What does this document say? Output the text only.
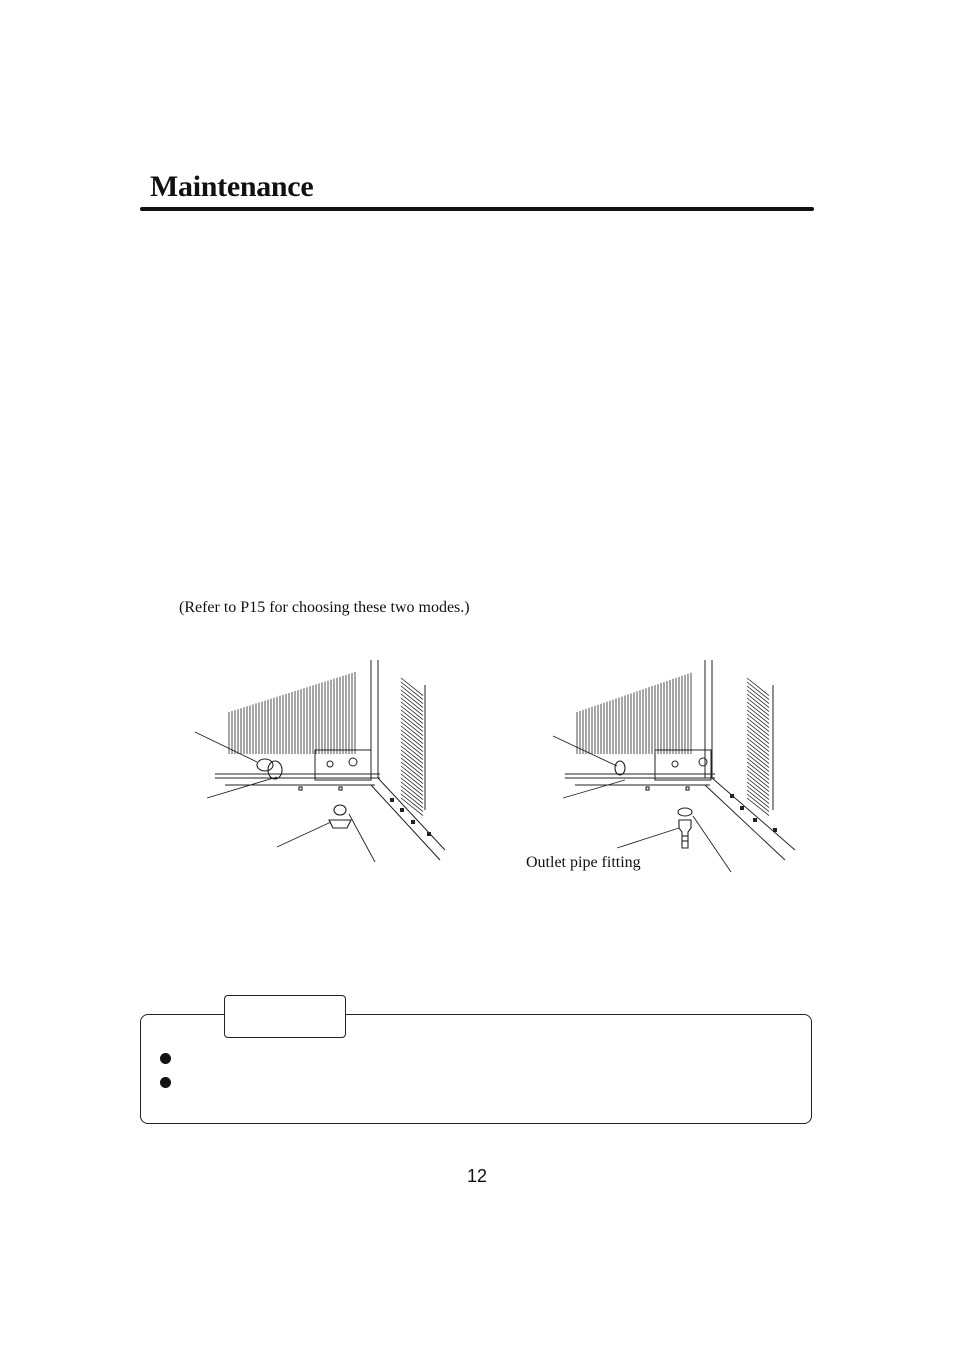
Maintenance
(Refer to P15 for choosing these two modes.)
Outlet pipe fitting
12
